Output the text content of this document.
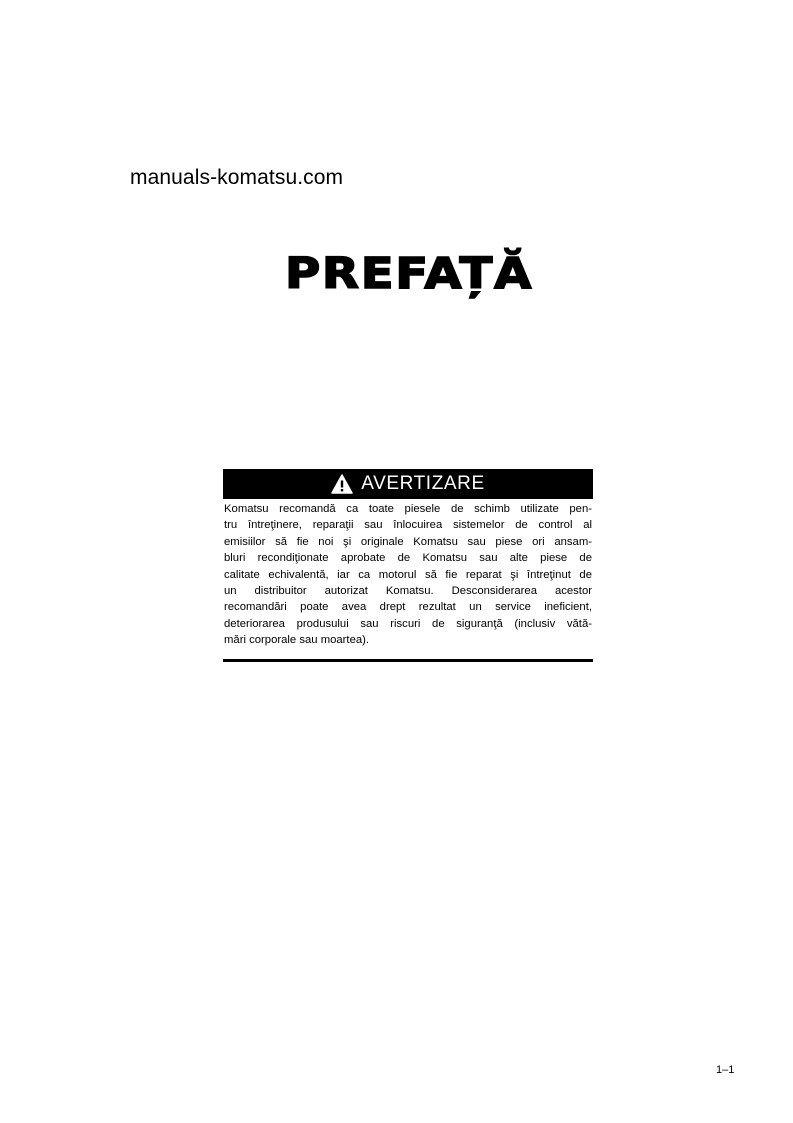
manuals-komatsu.com
PREFAȚĂ
AVERTIZARE
Komatsu recomandă ca toate piesele de schimb utilizate pen-
tru întreţinere, reparaţii sau înlocuirea sistemelor de control al
emisiilor să fie noi şi originale Komatsu sau piese ori ansam-
bluri recondiţionate aprobate de Komatsu sau alte piese de
calitate echivalentă, iar ca motorul să fie reparat şi întreţinut de
un distribuitor autorizat Komatsu. Desconsiderarea acestor
recomandări poate avea drept rezultat un service ineficient,
deteriorarea produsului sau riscuri de siguranţă (inclusiv vătă-
mări corporale sau moartea).
1–1
